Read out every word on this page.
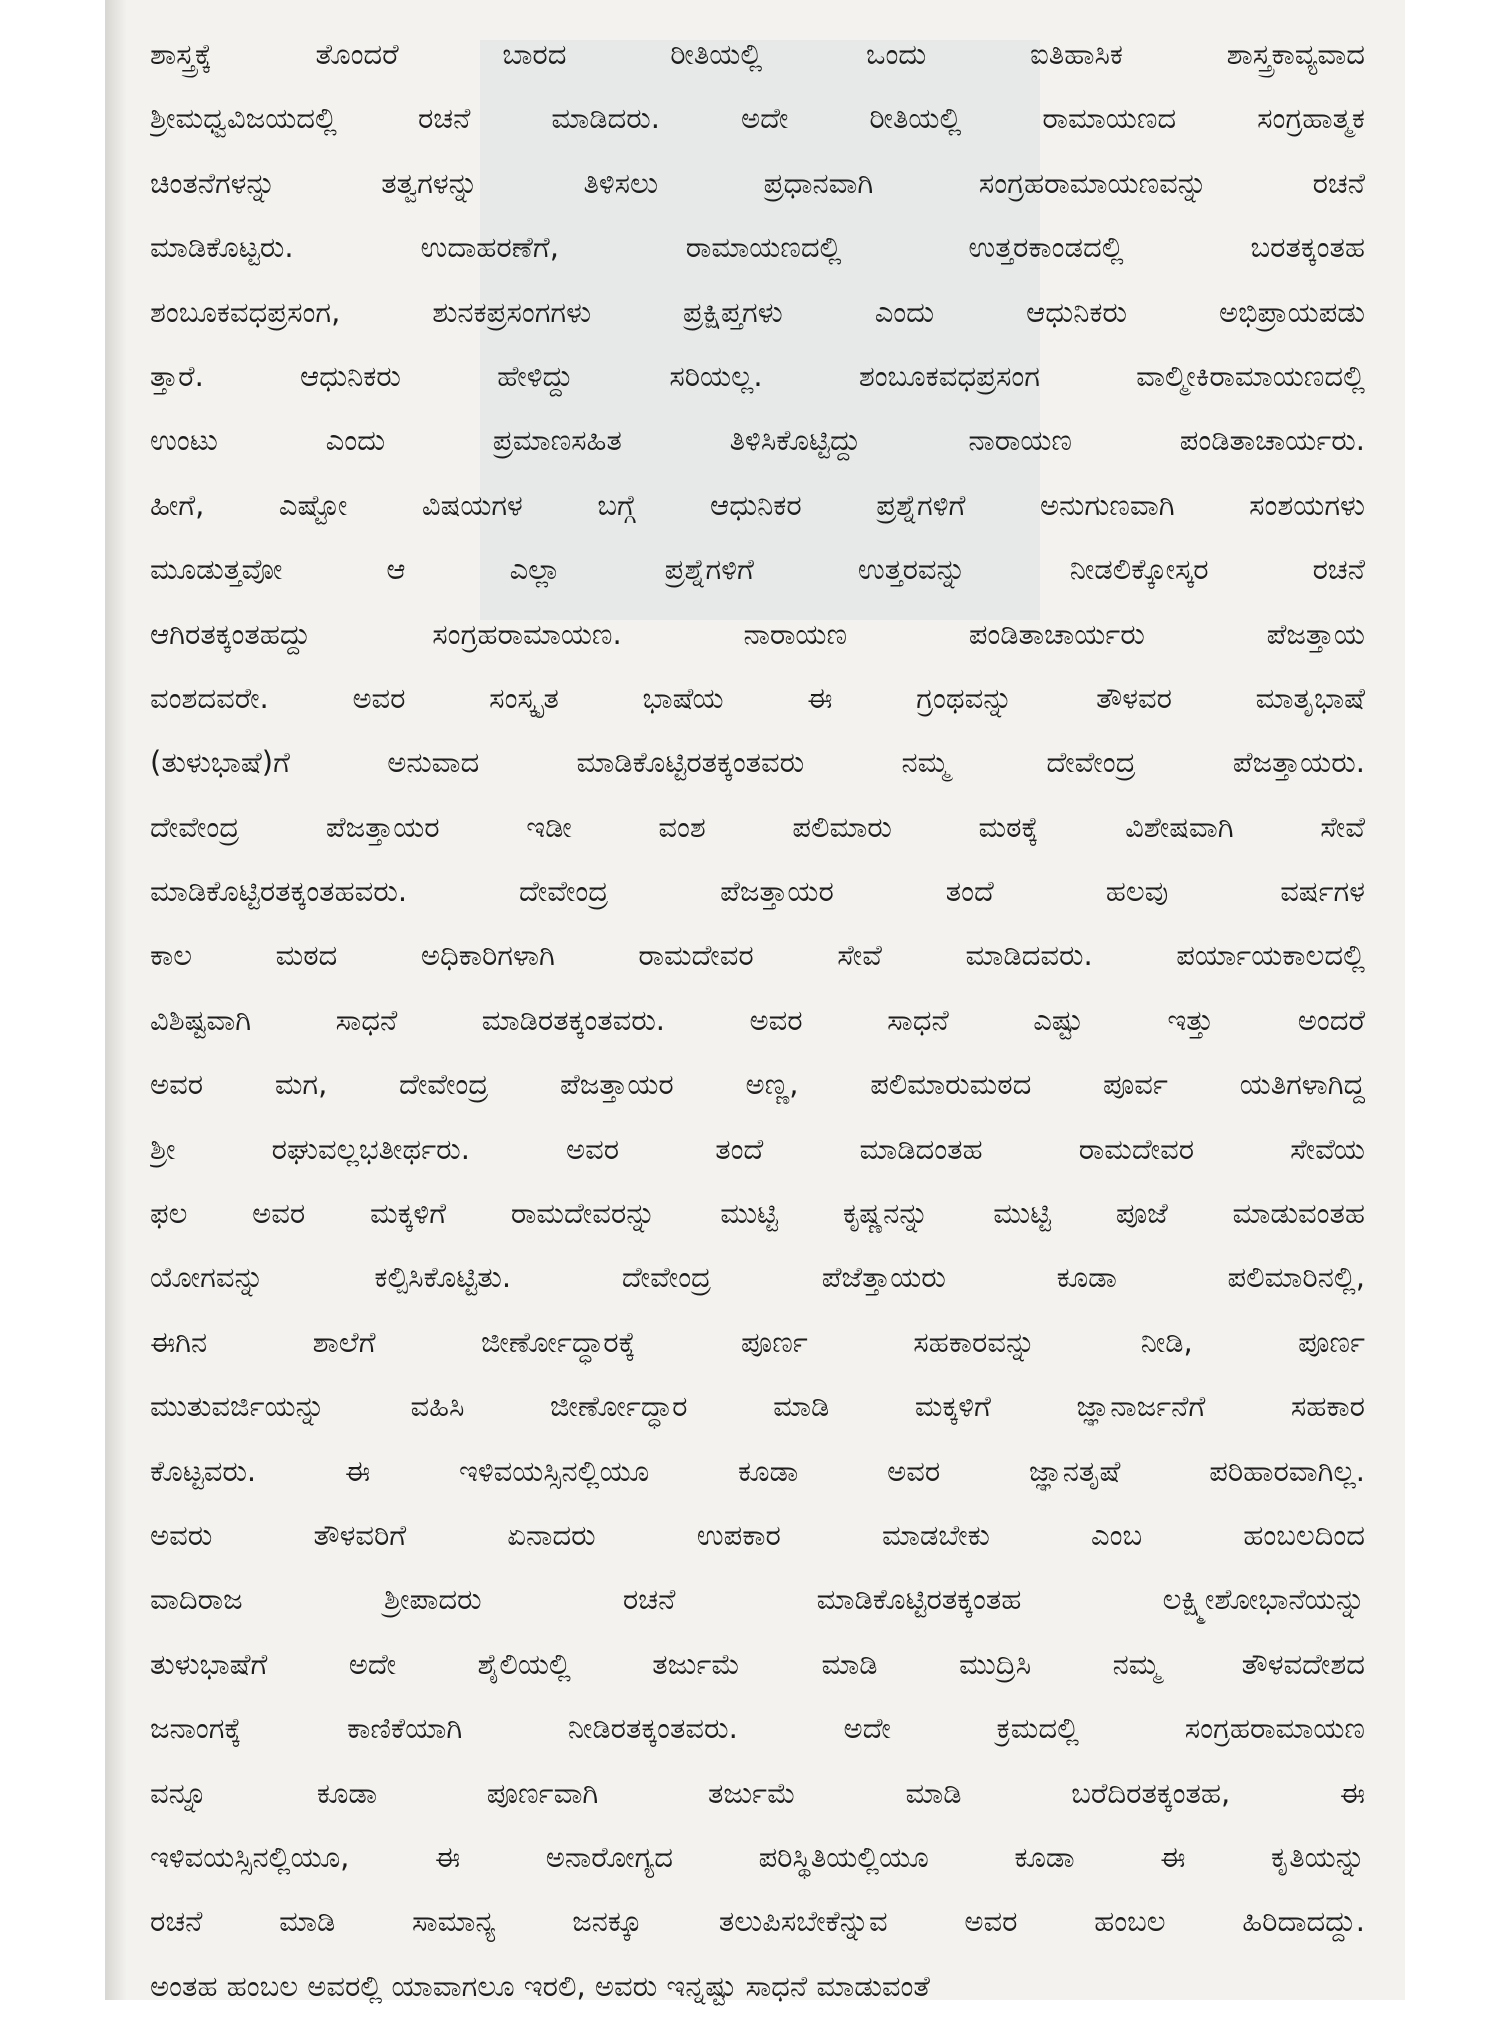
ಶಾಸ್ತ್ರಕ್ಕೆ ತೊಂದರೆ ಬಾರದ ರೀತಿಯಲ್ಲಿ ಒಂದು ಐತಿಹಾಸಿಕ ಶಾಸ್ತ್ರಕಾವ್ಯವಾದ
ಶ್ರೀಮಧ್ವವಿಜಯದಲ್ಲಿ ರಚನೆ ಮಾಡಿದರು. ಅದೇ ರೀತಿಯಲ್ಲಿ ರಾಮಾಯಣದ ಸಂಗ್ರಹಾತ್ಮಕ
ಚಿಂತನೆಗಳನ್ನು ತತ್ವಗಳನ್ನು ತಿಳಿಸಲು ಪ್ರಧಾನವಾಗಿ ಸಂಗ್ರಹರಾಮಾಯಣವನ್ನು ರಚನೆ
ಮಾಡಿಕೊಟ್ಟರು. ಉದಾಹರಣೆಗೆ, ರಾಮಾಯಣದಲ್ಲಿ ಉತ್ತರಕಾಂಡದಲ್ಲಿ ಬರತಕ್ಕಂತಹ
ಶಂಬೂಕವಧಪ್ರಸಂಗ, ಶುನಕಪ್ರಸಂಗಗಳು ಪ್ರಕ್ಷಿಪ್ತಗಳು ಎಂದು ಆಧುನಿಕರು ಅಭಿಪ್ರಾಯಪಡು
ತ್ತಾರೆ. ಆಧುನಿಕರು ಹೇಳಿದ್ದು ಸರಿಯಲ್ಲ. ಶಂಬೂಕವಧಪ್ರಸಂಗ ವಾಲ್ಮೀಕಿರಾಮಾಯಣದಲ್ಲಿ
ಉಂಟು ಎಂದು ಪ್ರಮಾಣಸಹಿತ ತಿಳಿಸಿಕೊಟ್ಟಿದ್ದು ನಾರಾಯಣ ಪಂಡಿತಾಚಾರ್ಯರು.
ಹೀಗೆ, ಎಷ್ಟೋ ವಿಷಯಗಳ ಬಗ್ಗೆ ಆಧುನಿಕರ ಪ್ರಶ್ನೆಗಳಿಗೆ ಅನುಗುಣವಾಗಿ ಸಂಶಯಗಳು
ಮೂಡುತ್ತವೋ ಆ ಎಲ್ಲಾ ಪ್ರಶ್ನೆಗಳಿಗೆ ಉತ್ತರವನ್ನು ನೀಡಲಿಕ್ಕೋಸ್ಕರ ರಚನೆ
ಆಗಿರತಕ್ಕಂತಹದ್ದು ಸಂಗ್ರಹರಾಮಾಯಣ. ನಾರಾಯಣ ಪಂಡಿತಾಚಾರ್ಯರು ಪೆಜತ್ತಾಯ
ವಂಶದವರೇ. ಅವರ ಸಂಸ್ಕೃತ ಭಾಷೆಯ ಈ ಗ್ರಂಥವನ್ನು ತೌಳವರ ಮಾತೃಭಾಷೆ
(ತುಳುಭಾಷೆ)ಗೆ ಅನುವಾದ ಮಾಡಿಕೊಟ್ಟಿರತಕ್ಕಂತವರು ನಮ್ಮ ದೇವೇಂದ್ರ ಪೆಜತ್ತಾಯರು.
ದೇವೇಂದ್ರ ಪೆಜತ್ತಾಯರ ಇಡೀ ವಂಶ ಪಲಿಮಾರು ಮಠಕ್ಕೆ ವಿಶೇಷವಾಗಿ ಸೇವೆ
ಮಾಡಿಕೊಟ್ಟಿರತಕ್ಕಂತಹವರು. ದೇವೇಂದ್ರ ಪೆಜತ್ತಾಯರ ತಂದೆ ಹಲವು ವರ್ಷಗಳ
ಕಾಲ ಮಠದ ಅಧಿಕಾರಿಗಳಾಗಿ ರಾಮದೇವರ ಸೇವೆ ಮಾಡಿದವರು. ಪರ್ಯಾಯಕಾಲದಲ್ಲಿ
ವಿಶಿಷ್ಟವಾಗಿ ಸಾಧನೆ ಮಾಡಿರತಕ್ಕಂತವರು. ಅವರ ಸಾಧನೆ ಎಷ್ಟು ಇತ್ತು ಅಂದರೆ
ಅವರ ಮಗ, ದೇವೇಂದ್ರ ಪೆಜತ್ತಾಯರ ಅಣ್ಣ, ಪಲಿಮಾರುಮಠದ ಪೂರ್ವ ಯತಿಗಳಾಗಿದ್ದ
ಶ್ರೀ ರಘುವಲ್ಲಭತೀರ್ಥರು. ಅವರ ತಂದೆ ಮಾಡಿದಂತಹ ರಾಮದೇವರ ಸೇವೆಯ
ಫಲ ಅವರ ಮಕ್ಕಳಿಗೆ ರಾಮದೇವರನ್ನು ಮುಟ್ಟಿ ಕೃಷ್ಣನನ್ನು ಮುಟ್ಟಿ ಪೂಜೆ ಮಾಡುವಂತಹ
ಯೋಗವನ್ನು ಕಲ್ಪಿಸಿಕೊಟ್ಟಿತು. ದೇವೇಂದ್ರ ಪೆಜೆತ್ತಾಯರು ಕೂಡಾ ಪಲಿಮಾರಿನಲ್ಲಿ,
ಈಗಿನ ಶಾಲೆಗೆ ಜೀರ್ಣೋದ್ಧಾರಕ್ಕೆ ಪೂರ್ಣ ಸಹಕಾರವನ್ನು ನೀಡಿ, ಪೂರ್ಣ
ಮುತುವರ್ಜಿಯನ್ನು ವಹಿಸಿ ಜೀರ್ಣೋದ್ಧಾರ ಮಾಡಿ ಮಕ್ಕಳಿಗೆ ಜ್ಞಾನಾರ್ಜನೆಗೆ ಸಹಕಾರ
ಕೊಟ್ಟವರು. ಈ ಇಳಿವಯಸ್ಸಿನಲ್ಲಿಯೂ ಕೂಡಾ ಅವರ ಜ್ಞಾನತೃಷೆ ಪರಿಹಾರವಾಗಿಲ್ಲ.
ಅವರು ತೌಳವರಿಗೆ ಏನಾದರು ಉಪಕಾರ ಮಾಡಬೇಕು ಎಂಬ ಹಂಬಲದಿಂದ
ವಾದಿರಾಜ ಶ್ರೀಪಾದರು ರಚನೆ ಮಾಡಿಕೊಟ್ಟಿರತಕ್ಕಂತಹ ಲಕ್ಷ್ಮೀಶೋಭಾನೆಯನ್ನು
ತುಳುಭಾಷೆಗೆ ಅದೇ ಶೈಲಿಯಲ್ಲಿ ತರ್ಜುಮೆ ಮಾಡಿ ಮುದ್ರಿಸಿ ನಮ್ಮ ತೌಳವದೇಶದ
ಜನಾಂಗಕ್ಕೆ ಕಾಣಿಕೆಯಾಗಿ ನೀಡಿರತಕ್ಕಂತವರು. ಅದೇ ಕ್ರಮದಲ್ಲಿ ಸಂಗ್ರಹರಾಮಾಯಣ
ವನ್ನೂ ಕೂಡಾ ಪೂರ್ಣವಾಗಿ ತರ್ಜುಮೆ ಮಾಡಿ ಬರೆದಿರತಕ್ಕಂತಹ, ಈ
ಇಳಿವಯಸ್ಸಿನಲ್ಲಿಯೂ, ಈ ಅನಾರೋಗ್ಯದ ಪರಿಸ್ಥಿತಿಯಲ್ಲಿಯೂ ಕೂಡಾ ಈ ಕೃತಿಯನ್ನು
ರಚನೆ ಮಾಡಿ ಸಾಮಾನ್ಯ ಜನಕ್ಕೂ ತಲುಪಿಸಬೇಕೆನ್ನುವ ಅವರ ಹಂಬಲ ಹಿರಿದಾದದ್ದು.
ಅಂತಹ ಹಂಬಲ ಅವರಲ್ಲಿ ಯಾವಾಗಲೂ ಇರಲಿ, ಅವರು ಇನ್ನಷ್ಟು ಸಾಧನೆ ಮಾಡುವಂತೆ
